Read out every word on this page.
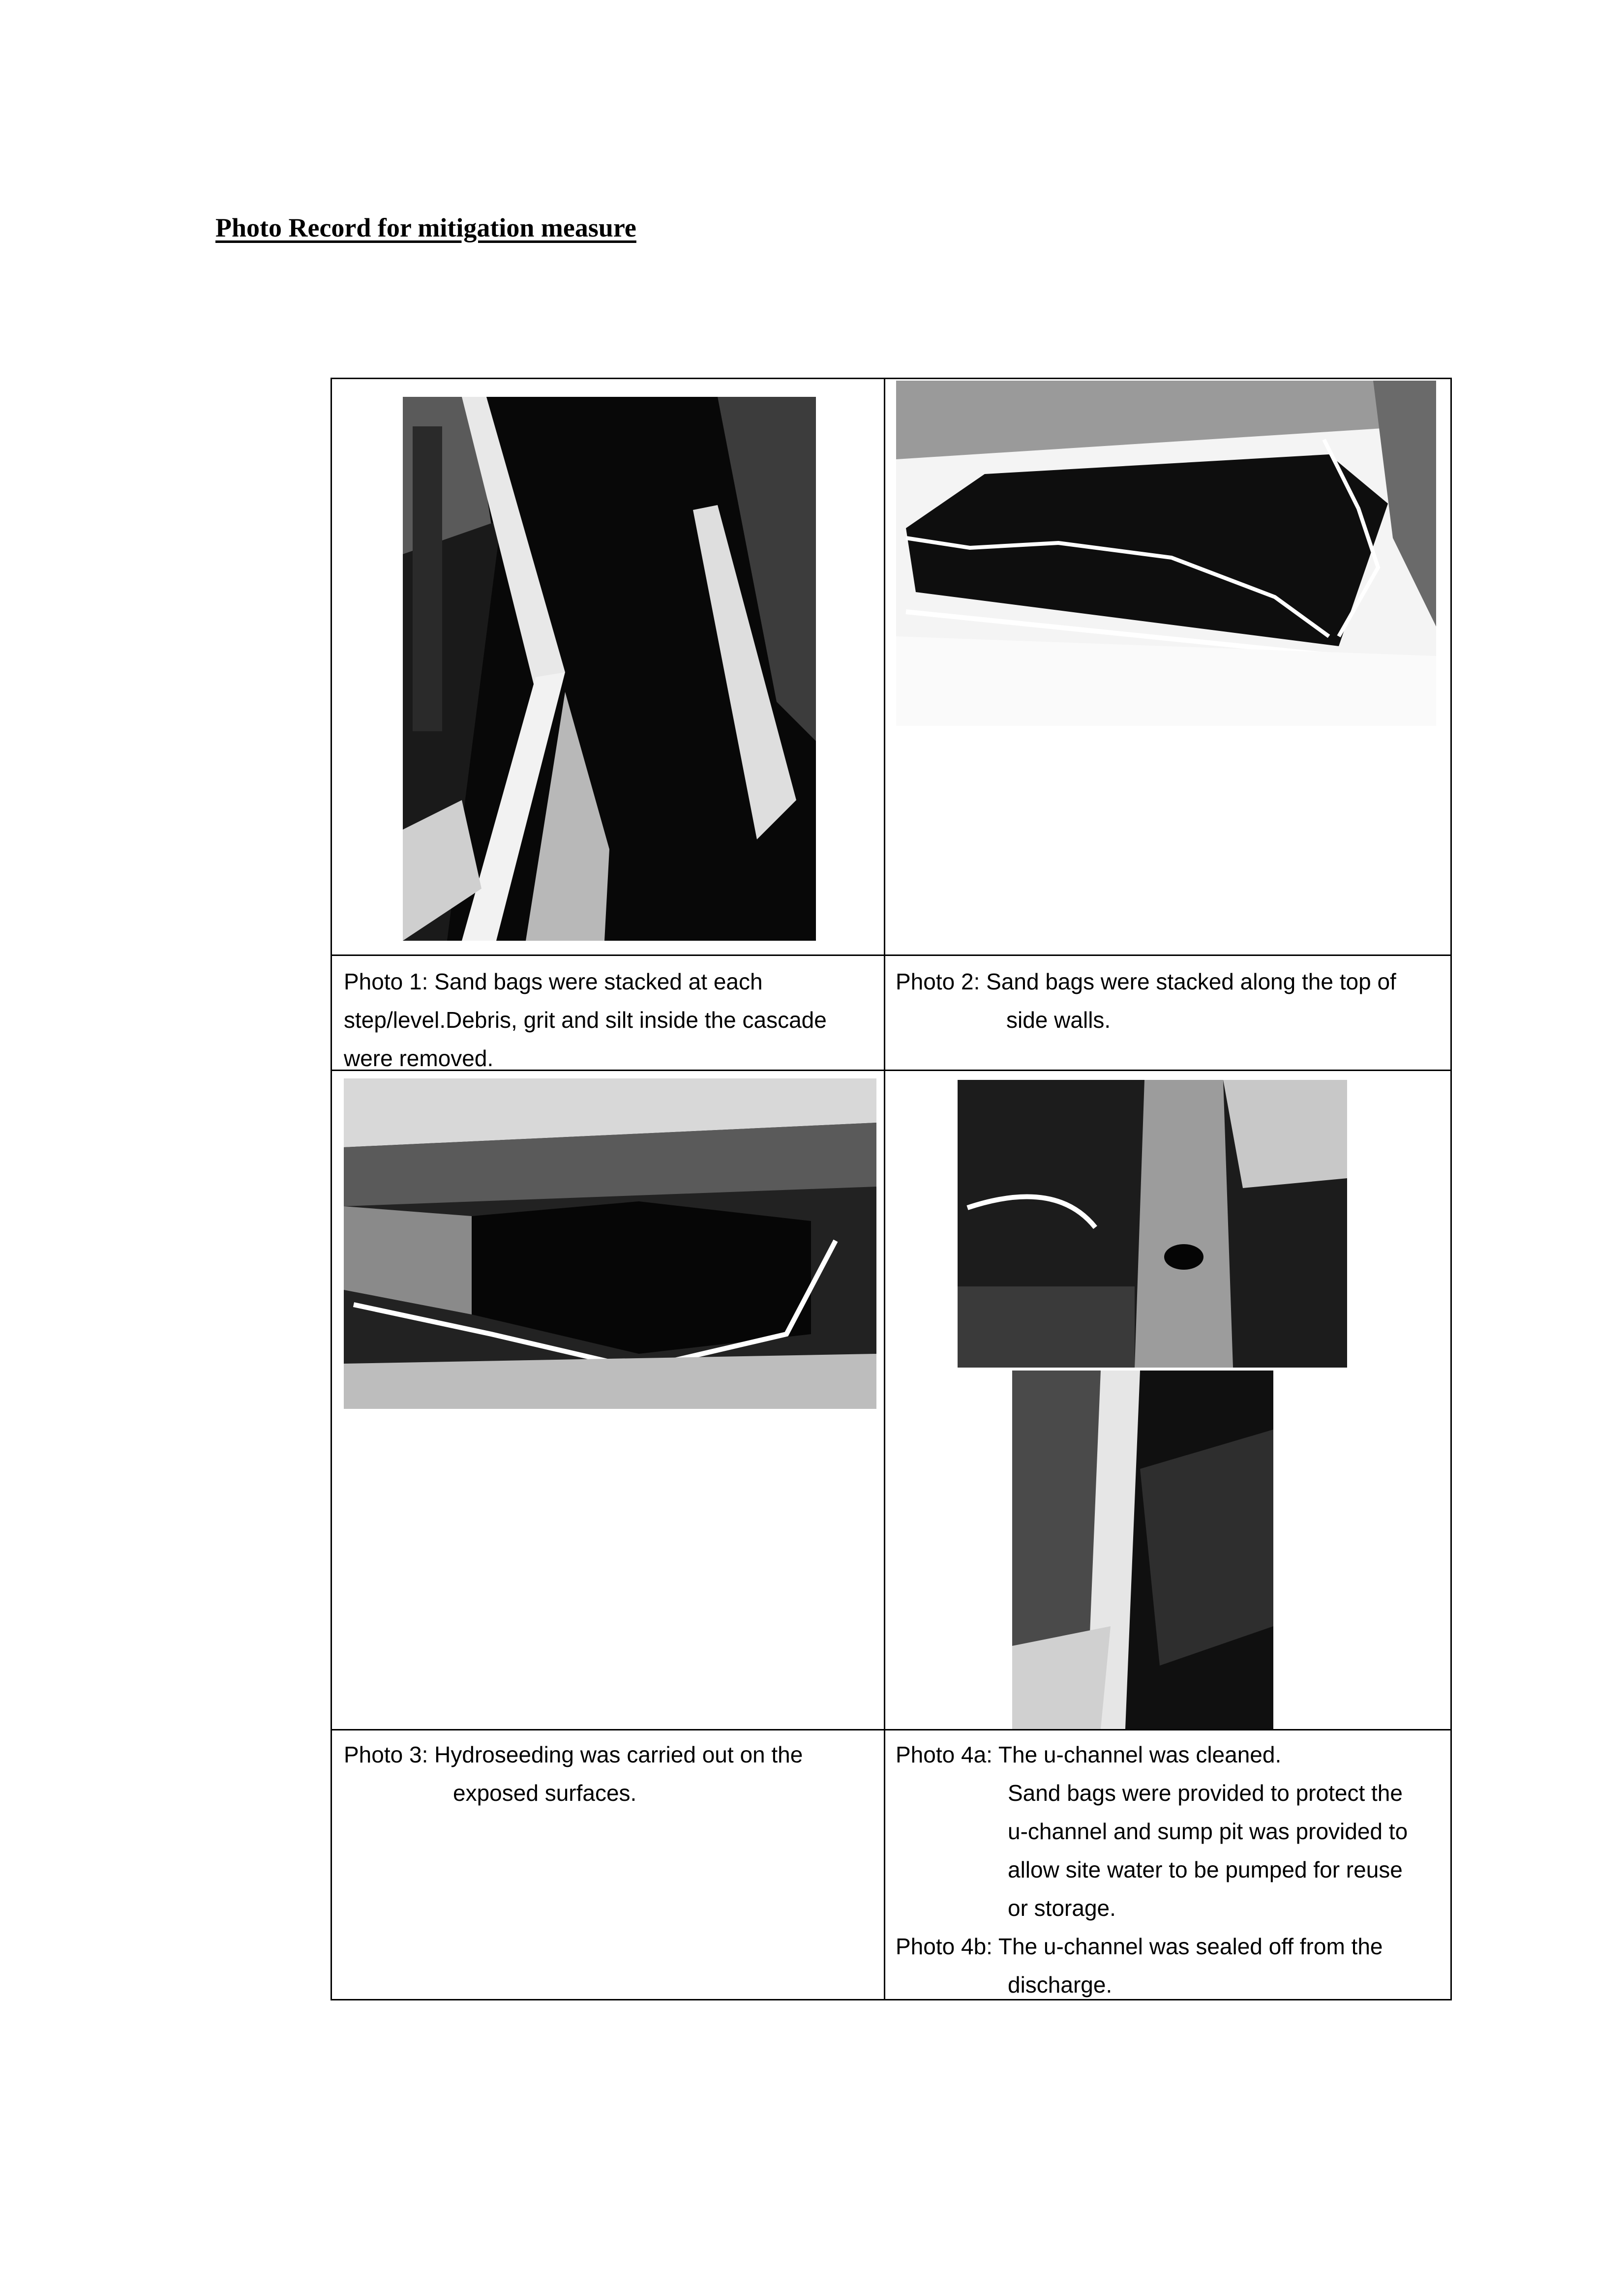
Photo Record for mitigation measure
Photo 1: Sand bags were stacked at each
step/level.Debris, grit and silt inside the cascade
were removed.
Photo 2: Sand bags were stacked along the top of
side walls.
Photo 3: Hydroseeding was carried out on the
exposed surfaces.
Photo 4a: The u-channel was cleaned.
Sand bags were provided to protect the
u-channel and sump pit was provided to
allow site water to be pumped for reuse
or storage.
Photo 4b: The u-channel was sealed off from the
discharge.
